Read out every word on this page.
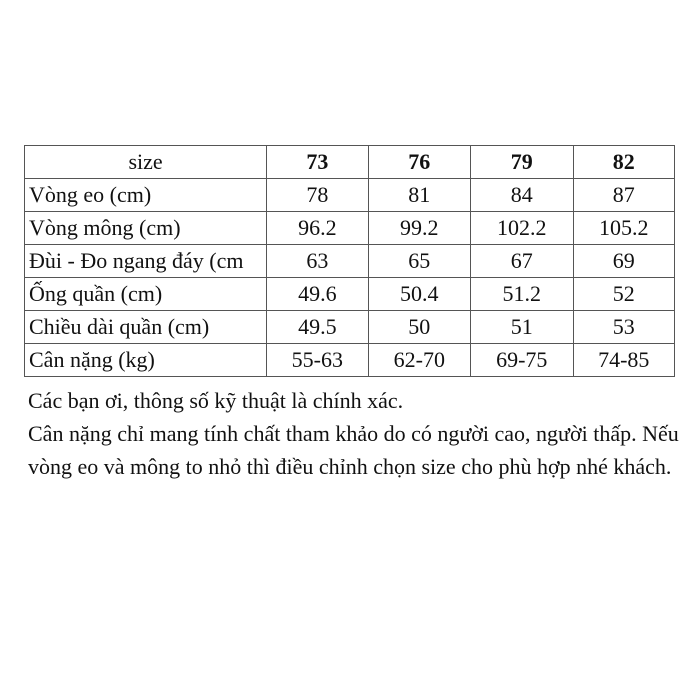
size	73	76	79	82
Vòng eo (cm)	78	81	84	87
Vòng mông (cm)	96.2	99.2	102.2	105.2
Đùi - Đo ngang đáy (cm	63	65	67	69
Ống quần (cm)	49.6	50.4	51.2	52
Chiều dài quần (cm)	49.5	50	51	53
Cân nặng (kg)	55-63	62-70	69-75	74-85

Các bạn ơi, thông số kỹ thuật là chính xác.

Cân nặng chỉ mang tính chất tham khảo do có người cao, người thấp. Nếu vòng eo và mông to nhỏ thì điều chỉnh chọn size cho phù hợp nhé khách.
